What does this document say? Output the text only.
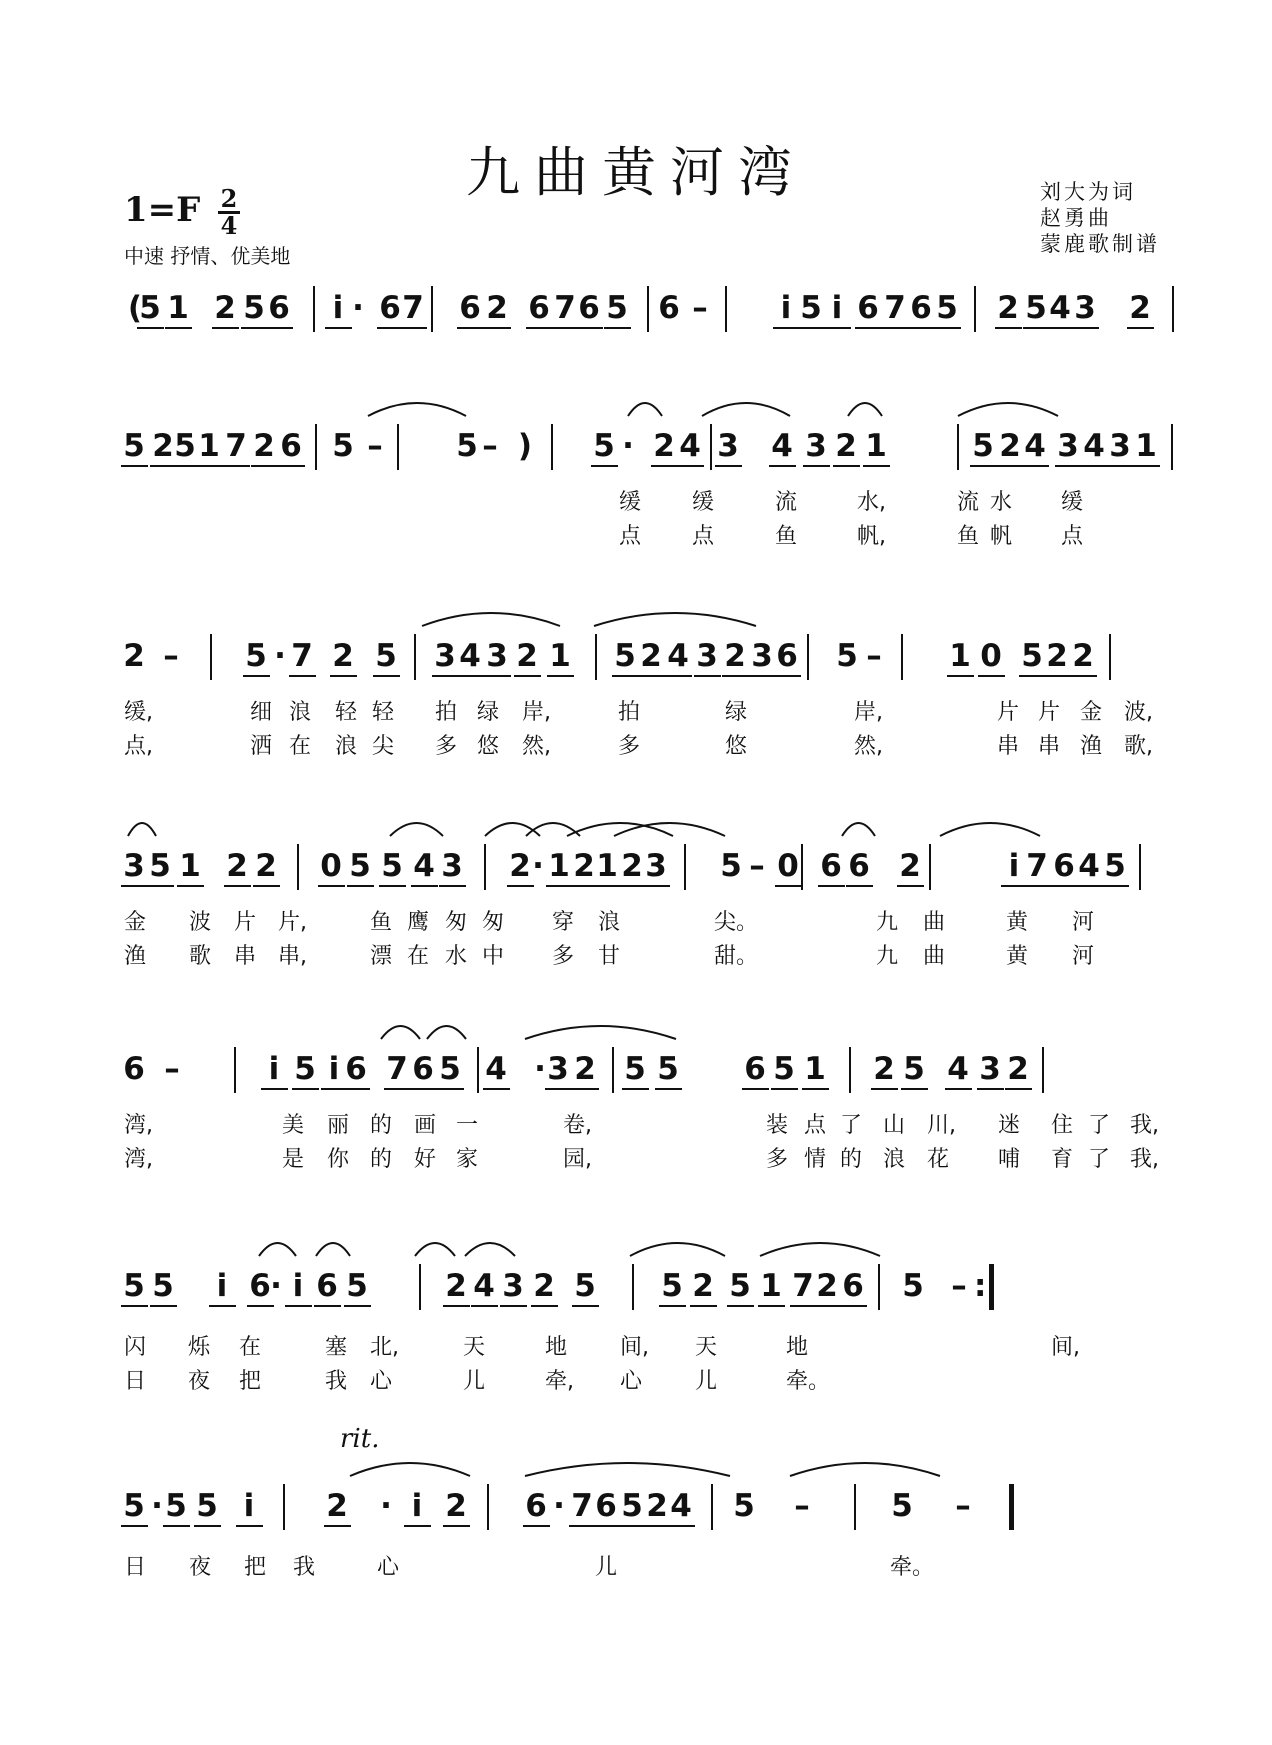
九曲黄河湾	刘大为词
赵勇曲
蒙鹿歌制谱
1=F 2
4
中速 抒情、优美地
rit.
(
5 1 2 5 6 i · 6 7 6 2 6 7 6 5 6 – i 5 i 6 7 6 5 2 5 4 3 2
5 2 5 1 7 2 6 5 – 5 – ) 5 · 2 4 3 4 3 2 1	5 2 4 3 4 3 1
缓	缓	流	水,	流 水	缓
点	点	鱼	帆,	鱼 帆	点
2 – 5 · 7 2 5 3 4 3 2 1 5 2 4 3 2 3 6 5 – 1 0 5 2 2
缓,	细 浪	轻 轻	拍 绿	岸,	拍	绿	岸,	片 片 金 波,
点,	洒 在	浪 尖	多 悠	然,	多	悠	然,	串 串 渔 歌,
3 5 1 2 2 0 5 5 4 3 2 · 1 2 1 2 3 5 – 0 6 6 2	i 7 6 4 5
金	波	片 片,	鱼 鹰 匆 匆	穿	浪	尖。	九	曲	黄	河
渔	歌	串 串,	漂 在 水 中	多	甘	甜。	九	曲	黄	河
6 –	i 5 i 6 7 6 5 4 · 3 2 5 5 6 5 1 2 5 4 3 2
湾,	美	丽 的 画 一	卷,	装 点 了 山 川,	迷	住 了 我,
湾,	是	你 的 好 家	园,	多 情 的 浪 花	哺	育 了 我,
5 5 i 6 · i 6 5 2 4 3 2 5 5 2 5 1 7 2 6 5 – :
闪	烁	在	塞	北,	天	地	间,	天	地	间,
日	夜	把	我	心	儿	牵,	心	儿	牵。
5 · 5 5 i 2 · i 2 6 · 7 6 5 2 4 5 –	5 –
日	夜	把	我	心	儿	牵。
